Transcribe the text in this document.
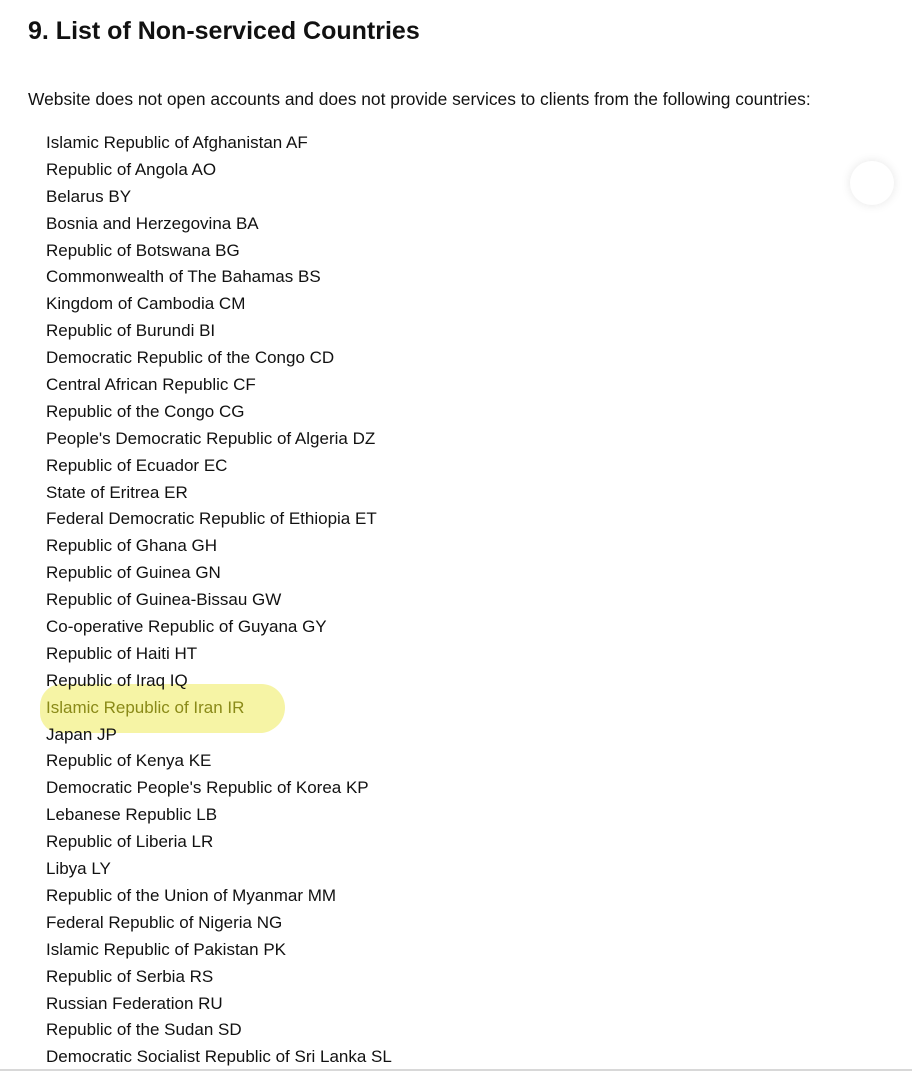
9. List of Non-serviced Countries

Website does not open accounts and does not provide services to clients from the following countries:

Islamic Republic of Afghanistan AF
Republic of Angola AO
Belarus BY
Bosnia and Herzegovina BA
Republic of Botswana BG
Commonwealth of The Bahamas BS
Kingdom of Cambodia CM
Republic of Burundi BI
Democratic Republic of the Congo CD
Central African Republic CF
Republic of the Congo CG
People's Democratic Republic of Algeria DZ
Republic of Ecuador EC
State of Eritrea ER
Federal Democratic Republic of Ethiopia ET
Republic of Ghana GH
Republic of Guinea GN
Republic of Guinea-Bissau GW
Co-operative Republic of Guyana GY
Republic of Haiti HT
Republic of Iraq IQ
Islamic Republic of Iran IR
Japan JP
Republic of Kenya KE
Democratic People's Republic of Korea KP
Lebanese Republic LB
Republic of Liberia LR
Libya LY
Republic of the Union of Myanmar MM
Federal Republic of Nigeria NG
Islamic Republic of Pakistan PK
Republic of Serbia RS
Russian Federation RU
Republic of the Sudan SD
Democratic Socialist Republic of Sri Lanka SL
